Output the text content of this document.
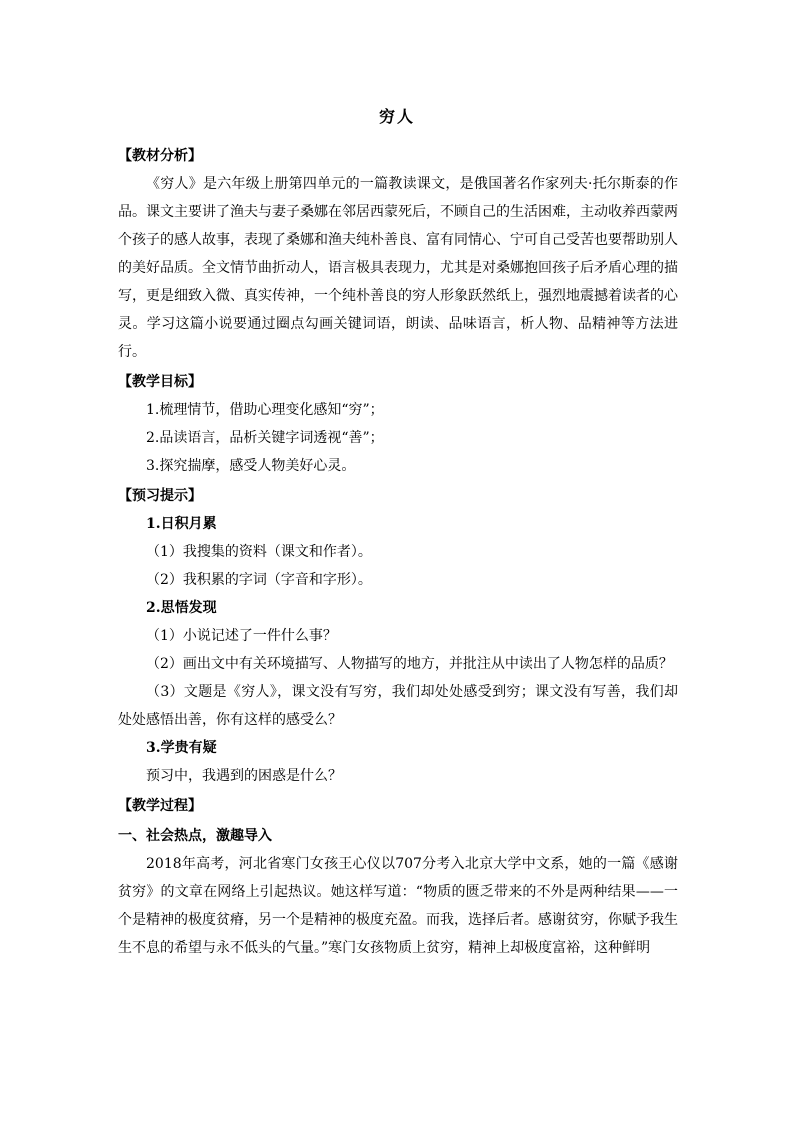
穷人

【教材分析】

《穷人》是六年级上册第四单元的一篇教读课文，是俄国著名作家列夫·托尔斯泰的作品。课文主要讲了渔夫与妻子桑娜在邻居西蒙死后，不顾自己的生活困难，主动收养西蒙两个孩子的感人故事，表现了桑娜和渔夫纯朴善良、富有同情心、宁可自己受苦也要帮助别人的美好品质。全文情节曲折动人，语言极具表现力，尤其是对桑娜抱回孩子后矛盾心理的描写，更是细致入微、真实传神，一个纯朴善良的穷人形象跃然纸上，强烈地震撼着读者的心灵。学习这篇小说要通过圈点勾画关键词语，朗读、品味语言，析人物、品精神等方法进行。

【教学目标】

1.梳理情节，借助心理变化感知“穷”；

2.品读语言，品析关键字词透视“善”；

3.探究揣摩，感受人物美好心灵。

【预习提示】

1.日积月累

（1）我搜集的资料（课文和作者）。

（2）我积累的字词（字音和字形）。

2.思悟发现

（1）小说记述了一件什么事？

（2）画出文中有关环境描写、人物描写的地方，并批注从中读出了人物怎样的品质？

（3）文题是《穷人》，课文没有写穷，我们却处处感受到穷；课文没有写善，我们却处处感悟出善，你有这样的感受么？

3.学贵有疑

预习中，我遇到的困惑是什么？

【教学过程】

一、社会热点，激趣导入

2018年高考，河北省寒门女孩王心仪以707分考入北京大学中文系，她的一篇《感谢贫穷》的文章在网络上引起热议。她这样写道：“物质的匮乏带来的不外是两种结果——一个是精神的极度贫瘠，另一个是精神的极度充盈。而我，选择后者。感谢贫穷，你赋予我生生不息的希望与永不低头的气量。”寒门女孩物质上贫穷，精神上却极度富裕，这种鲜明
